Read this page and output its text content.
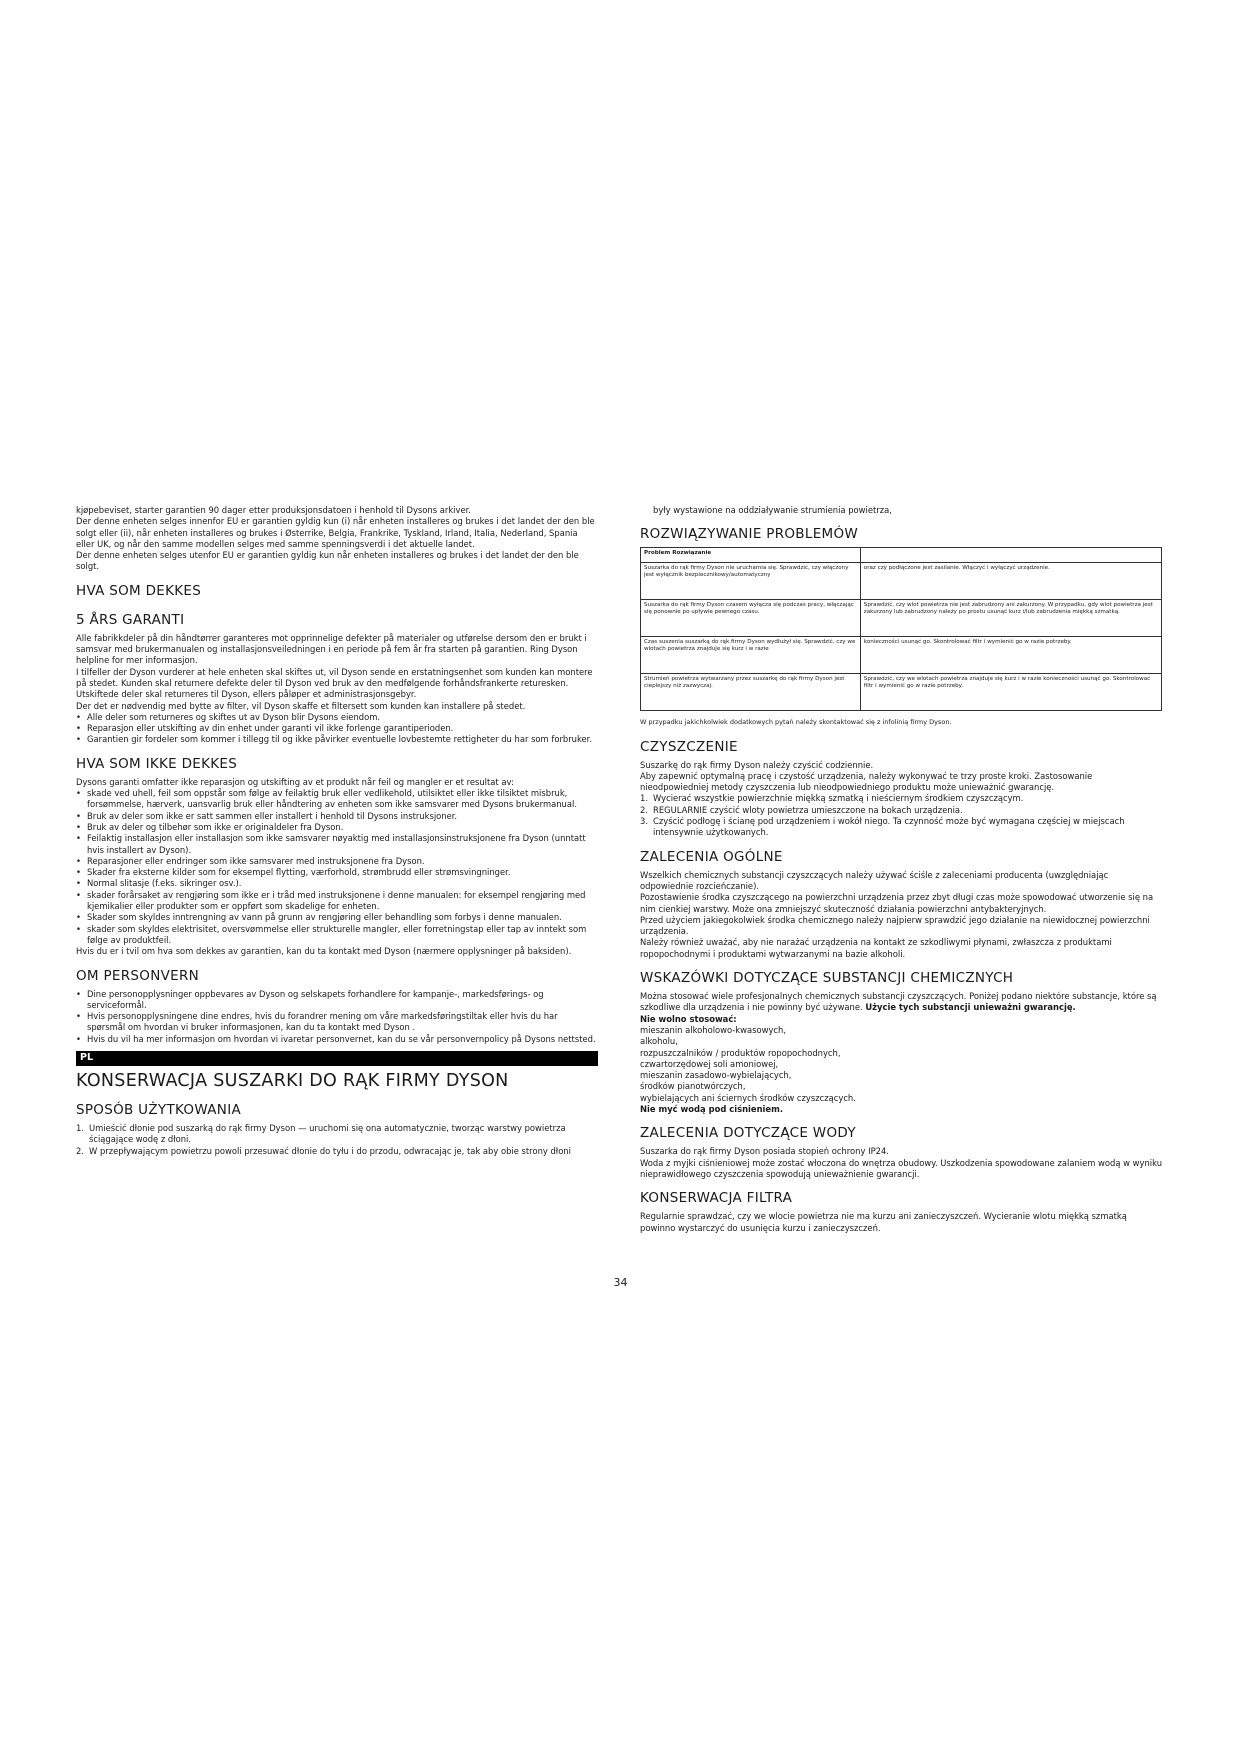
kjøpebeviset, starter garantien 90 dager etter produksjonsdatoen i henhold til Dysons arkiver.
Der denne enheten selges innenfor EU er garantien gyldig kun (i) når enheten installeres og brukes i det landet der den ble solgt eller (ii), når enheten installeres og brukes i Østerrike, Belgia, Frankrike, Tyskland, Irland, Italia, Nederland, Spania eller UK, og når den samme modellen selges med samme spenningsverdi i det aktuelle landet.
Der denne enheten selges utenfor EU er garantien gyldig kun når enheten installeres og brukes i det landet der den ble solgt.

HVA SOM DEKKES
5 ÅRS GARANTI

Alle fabrikkdeler på din håndtørrer garanteres mot opprinnelige defekter på materialer og utførelse dersom den er brukt i samsvar med brukermanualen og installasjonsveiledningen i en periode på fem år fra starten på garantien. Ring Dyson helpline for mer informasjon.

I tilfeller der Dyson vurderer at hele enheten skal skiftes ut, vil Dyson sende en erstatningsenhet som kunden kan montere på stedet. Kunden skal returnere defekte deler til Dyson ved bruk av den medfølgende forhåndsfrankerte returesken.

Utskiftede deler skal returneres til Dyson, ellers påløper et administrasjonsgebyr.

Der det er nødvendig med bytte av filter, vil Dyson skaffe et filtersett som kunden kan installere på stedet.

• Alle deler som returneres og skiftes ut av Dyson blir Dysons eiendom.
• Reparasjon eller utskifting av din enhet under garanti vil ikke forlenge garantiperioden.
• Garantien gir fordeler som kommer i tillegg til og ikke påvirker eventuelle lovbestemte rettigheter du har som forbruker.
HVA SOM IKKE DEKKES

Dysons garanti omfatter ikke reparasjon og utskifting av et produkt når feil og mangler er et resultat av:

• skade ved uhell, feil som oppstår som følge av feilaktig bruk eller vedlikehold, utilsiktet eller ikke tilsiktet misbruk, forsømmelse, hærverk, uansvarlig bruk eller håndtering av enheten som ikke samsvarer med Dysons brukermanual.
• Bruk av deler som ikke er satt sammen eller installert i henhold til Dysons instruksjoner.
• Bruk av deler og tilbehør som ikke er originaldeler fra Dyson.
• Feilaktig installasjon eller installasjon som ikke samsvarer nøyaktig med installasjonsinstruksjonene fra Dyson (unntatt hvis installert av Dyson).
• Reparasjoner eller endringer som ikke samsvarer med instruksjonene fra Dyson.
• Skader fra eksterne kilder som for eksempel flytting, værforhold, strømbrudd eller strømsvingninger.
• Normal slitasje (f.eks. sikringer osv.).
• skader forårsaket av rengjøring som ikke er i tråd med instruksjonene i denne manualen: for eksempel rengjøring med kjemikalier eller produkter som er oppført som skadelige for enheten.
• Skader som skyldes inntrengning av vann på grunn av rengjøring eller behandling som forbys i denne manualen.
• skader som skyldes elektrisitet, oversvømmelse eller strukturelle mangler, eller forretningstap eller tap av inntekt som følge av produktfeil.

Hvis du er i tvil om hva som dekkes av garantien, kan du ta kontakt med Dyson (nærmere opplysninger på baksiden).

OM PERSONVERN
• Dine personopplysninger oppbevares av Dyson og selskapets forhandlere for kampanje-, markedsførings- og serviceformål.
• Hvis personopplysningene dine endres, hvis du forandrer mening om våre markedsføringstiltak eller hvis du har spørsmål om hvordan vi bruker informasjonen, kan du ta kontakt med Dyson .
• Hvis du vil ha mer informasjon om hvordan vi ivaretar personvernet, kan du se vår personvernpolicy på Dysons nettsted.
PL
KONSERWACJA SUSZARKI DO RĄK FIRMY DYSON
SPOSÓB UŻYTKOWANIA
1. Umieścić dłonie pod suszarką do rąk firmy Dyson — uruchomi się ona automatycznie, tworząc warstwy powietrza ściągające wodę z dłoni.
2. W przepływającym powietrzu powoli przesuwać dłonie do tyłu i do przodu, odwracając je, tak aby obie strony dłoni

były wystawione na oddziaływanie strumienia powietrza,

ROZWIĄZYWANIE PROBLEMÓW
Problem Rozwiązanie	
Suszarka do rąk firmy Dyson nie uruchamia się. Sprawdzić, czy włączony jest wyłącznik bezpiecznikowy/automatyczny	oraz czy podłączone jest zasilanie. Włączyć i wyłączyć urządzenie.
Suszarka do rąk firmy Dyson czasem wyłącza się podczas pracy, włączając się ponownie po upływie pewnego czasu.	Sprawdzić, czy wlot powietrza nie jest zabrudzony ani zakurzony. W przypadku, gdy wlot powietrza jest zakurzony lub zabrudzony należy po prostu usunąć kurz i/lub zabrudzenia miękką szmatką.
Czas suszenia suszarką do rąk firmy Dyson wydłużył się. Sprawdzić, czy we wlotach powietrza znajduje się kurz i w razie	konieczności usunąć go. Skontrolować filtr i wymienić go w razie potrzeby.
Strumień powietrza wytwarzany przez suszarkę do rąk firmy Dyson jest cieplejszy niż zazwyczaj.	Sprawdzić, czy we wlotach powietrza znajduje się kurz i w razie konieczności usunąć go. Skontrolować filtr i wymienić go w razie potrzeby.

W przypadku jakichkolwiek dodatkowych pytań należy skontaktować się z infolinią firmy Dyson.

CZYSZCZENIE

Suszarkę do rąk firmy Dyson należy czyścić codziennie.

Aby zapewnić optymalną pracę i czystość urządzenia, należy wykonywać te trzy proste kroki. Zastosowanie nieodpowiedniej metody czyszczenia lub nieodpowiedniego produktu może unieważnić gwarancję.

1. Wycierać wszystkie powierzchnie miękką szmatką i nieściernym środkiem czyszczącym.
2. REGULARNIE czyścić wloty powietrza umieszczone na bokach urządzenia.
3. Czyścić podłogę i ścianę pod urządzeniem i wokół niego. Ta czynność może być wymagana częściej w miejscach intensywnie użytkowanych.
ZALECENIA OGÓLNE

Wszelkich chemicznych substancji czyszczących należy używać ściśle z zaleceniami producenta (uwzględniając odpowiednie rozcieńczanie).

Pozostawienie środka czyszczącego na powierzchni urządzenia przez zbyt długi czas może spowodować utworzenie się na nim cienkiej warstwy. Może ona zmniejszyć skuteczność działania powierzchni antybakteryjnych.

Przed użyciem jakiegokolwiek środka chemicznego należy najpierw sprawdzić jego działanie na niewidocznej powierzchni urządzenia.

Należy również uważać, aby nie narażać urządzenia na kontakt ze szkodliwymi płynami, zwłaszcza z produktami ropopochodnymi i produktami wytwarzanymi na bazie alkoholi.

WSKAZÓWKI DOTYCZĄCE SUBSTANCJI CHEMICZNYCH

Można stosować wiele profesjonalnych chemicznych substancji czyszczących. Poniżej podano niektóre substancje, które są szkodliwe dla urządzenia i nie powinny być używane. Użycie tych substancji unieważni gwarancję.

Nie wolno stosować:

mieszanin alkoholowo-kwasowych,

alkoholu,

rozpuszczalników / produktów ropopochodnych,

czwartorzędowej soli amoniowej,

mieszanin zasadowo-wybielających,

środków pianotwórczych,

wybielających ani ściernych środków czyszczących.

Nie myć wodą pod ciśnieniem.

ZALECENIA DOTYCZĄCE WODY

Suszarka do rąk firmy Dyson posiada stopień ochrony IP24.

Woda z myjki ciśnieniowej może zostać włoczona do wnętrza obudowy. Uszkodzenia spowodowane zalaniem wodą w wyniku nieprawidłowego czyszczenia spowodują unieważnienie gwarancji.

KONSERWACJA FILTRA

Regularnie sprawdzać, czy we wlocie powietrza nie ma kurzu ani zanieczyszczeń. Wycieranie wlotu miękką szmatką powinno wystarczyć do usunięcia kurzu i zanieczyszczeń.

34
